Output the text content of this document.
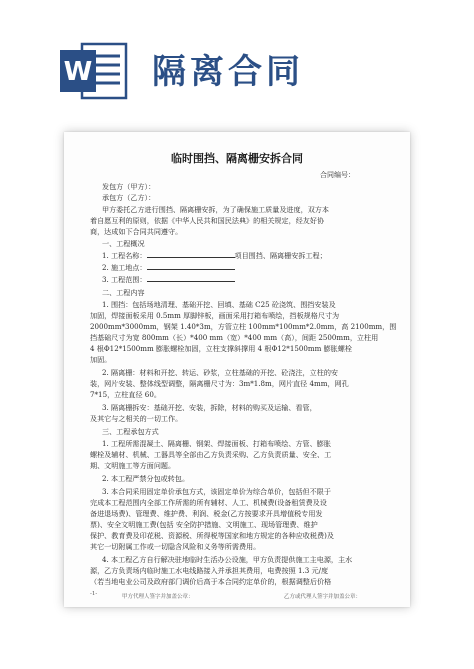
W 隔离合同
临时围挡、隔离栅安拆合同
合同编号：
发包方（甲方）：
承包方（乙方）：
甲方委托乙方进行围挡、隔离栅安拆，为了确保施工质量及进度，双方本
着自愿互利的原则，依据《中华人民共和国民法典》的相关规定，经友好协
商，达成如下合同共同遵守。
一、工程概况
1. 工程名称：	项目围挡、隔离栅安拆工程；
2. 施工地点：
3. 工程范围：
二、工程内容
1. 围挡：包括场地清理、基础开挖、回填、基础 C25 砼浇筑、围挡安装及
加固，焊接面板采用 0.5mm 厚脚锌板，画面采用打箱布喷绘，挡板规格尺寸为
2000mm*3000mm，钢架 1.40*3m，方管立柱 100mm*100mm*2.0mm，高 2100mm，围
挡基础尺寸为宽 800mm（长）*400 mm（宽）*400 mm（高），间距 2500mm，立柱用
4 根Φ12*1500mm 膨胀螺栓加固，立柱支撑斜撑用 4 根Φ12*1500mm 膨胀螺栓
加固。
2. 隔离栅：材料和开挖、转运、砂浆，立柱基础的开挖、砼浇注，立柱的安
装，网片安装、整体线型调整，隔离栅尺寸为：3m*1.8m，网片直径 4mm，网孔
7*15，立柱直径 60。
3. 隔离栅拆安：基础开挖、安装，拆除，材料的购买及运输、看管，
及其它与之相关的一切工作。
三、工程承包方式
1. 工程所需混凝土、隔离栅、钢架、焊接面板、打箱布喷绘、方管、膨胀
螺栓及辅材、机械、工器具等全部由乙方负责采购、乙方负责质量、安全、工
期、文明施工等方面问题。
2. 本工程严禁分包或转包。
3. 本合同采用固定单价承包方式，该固定单价为综合单价，包括但不限于
完成本工程范围内全部工作所需的所有辅材、人工、机械费(设备租赁费及设
备进退场费)、管理费、维护费、利润、税金(乙方按要求开具增值税专用发
票)、安全文明施工费(包括 安全防护措施、文明施工、现场管理费、维护
保护、教育费及印花税、资源税、所得税等国家和地方规定的各种应收税费)及
其它一切附属工作或一切隐含风险和义务等所需费用。
4. 本工程乙方自行解决驻地临时生活办公设施，甲方负责提供施工主电源，主水
源，乙方负责场内临时施工水电线路接入并承担其费用，电费按照 1.3 元/度
（若当地电业公司及政府部门调价后高于本合同约定单价的，根据调整后价格
-1-	甲方代理人签字并加盖公章：	乙方或代理人签字并加盖公章：
